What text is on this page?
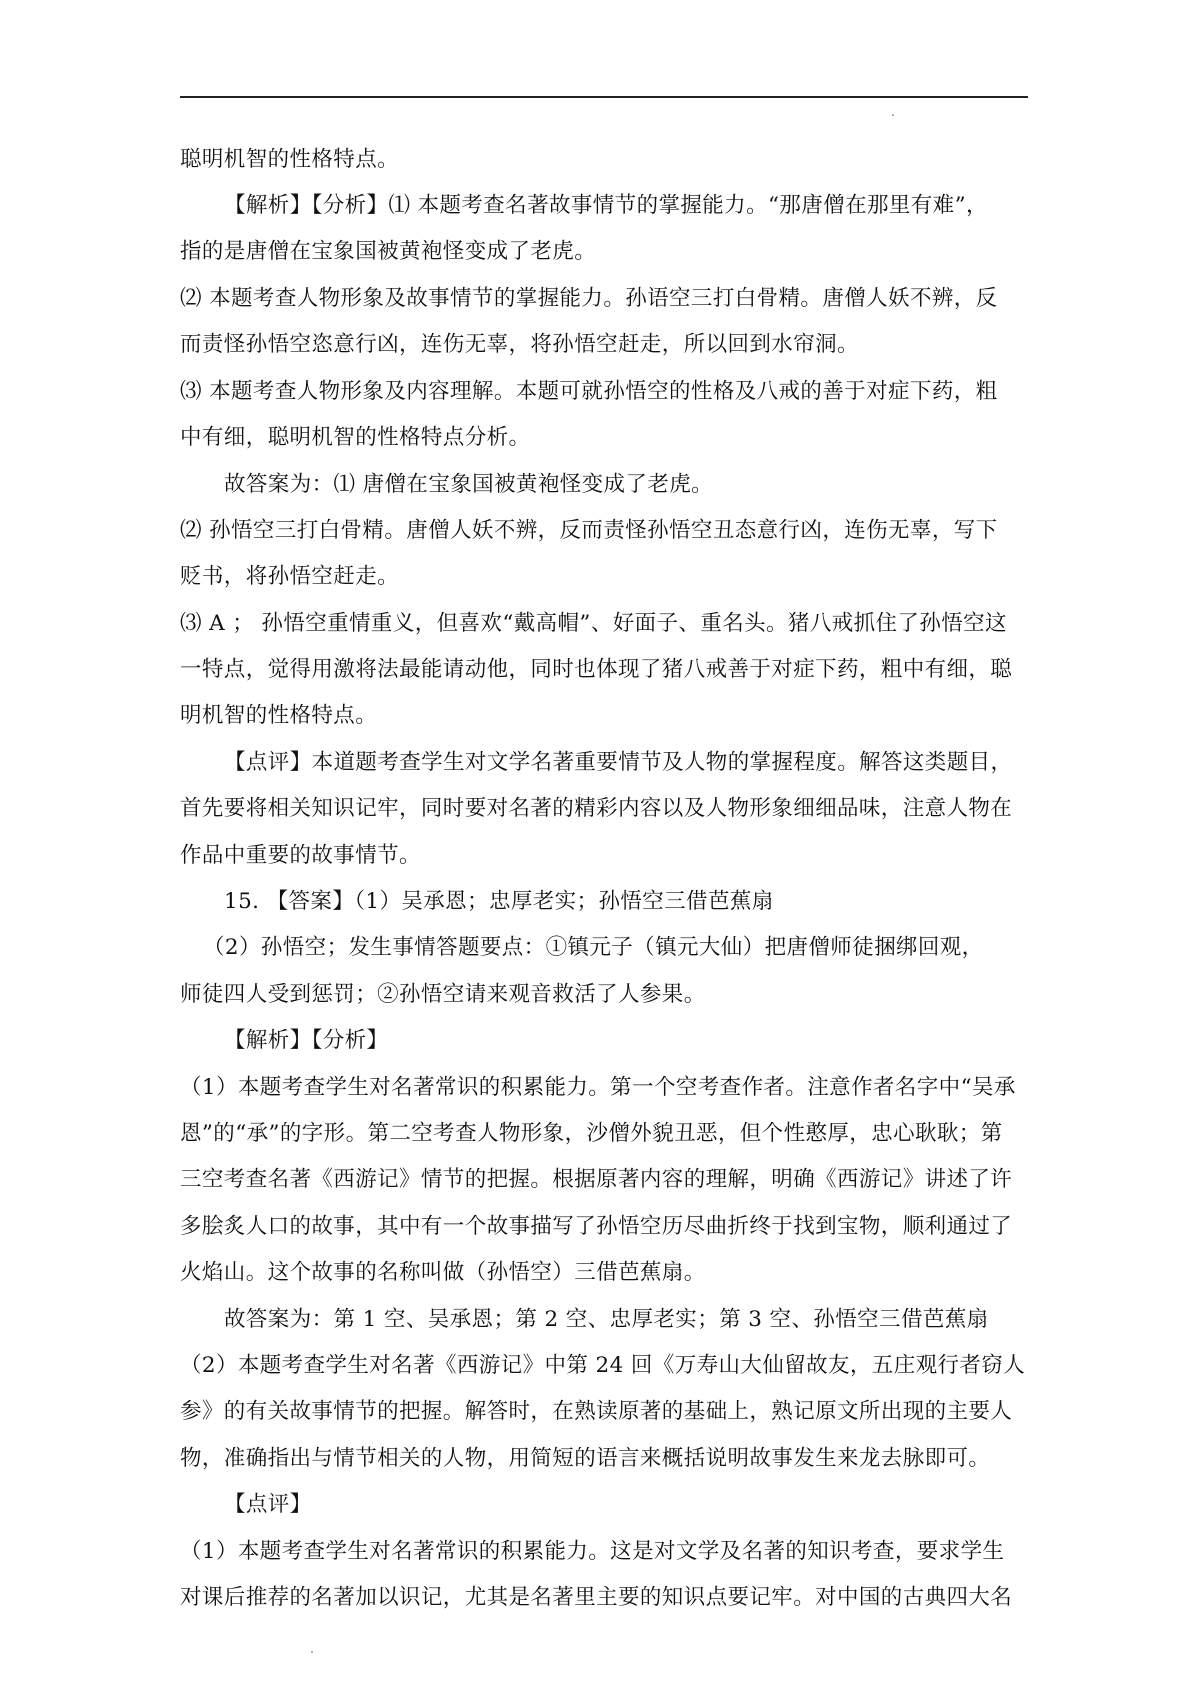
聪明机智的性格特点。
【解析】【分析】⑴ 本题考查名著故事情节的掌握能力。“那唐僧在那里有难”，
指的是唐僧在宝象国被黄袍怪变成了老虎。
⑵ 本题考查人物形象及故事情节的掌握能力。孙语空三打白骨精。唐僧人妖不辨，反
而责怪孙悟空恣意行凶，连伤无辜，将孙悟空赶走，所以回到水帘洞。
⑶ 本题考查人物形象及内容理解。本题可就孙悟空的性格及八戒的善于对症下药，粗
中有细，聪明机智的性格特点分析。
故答案为：⑴ 唐僧在宝象国被黄袍怪变成了老虎。
⑵ 孙悟空三打白骨精。唐僧人妖不辨，反而责怪孙悟空丑态意行凶，连伤无辜，写下
贬书，将孙悟空赶走。
⑶ A ； 孙悟空重情重义，但喜欢“戴高帽”、好面子、重名头。猪八戒抓住了孙悟空这
一特点，觉得用激将法最能请动他，同时也体现了猪八戒善于对症下药，粗中有细，聪
明机智的性格特点。
【点评】本道题考查学生对文学名著重要情节及人物的掌握程度。解答这类题目，
首先要将相关知识记牢，同时要对名著的精彩内容以及人物形象细细品味，注意人物在
作品中重要的故事情节。
15. 【答案】（1）吴承恩；忠厚老实；孙悟空三借芭蕉扇
（2）孙悟空；发生事情答题要点：①镇元子（镇元大仙）把唐僧师徒捆绑回观，
师徒四人受到惩罚；②孙悟空请来观音救活了人参果。
【解析】【分析】
（1）本题考查学生对名著常识的积累能力。第一个空考查作者。注意作者名字中“吴承
恩”的“承”的字形。第二空考查人物形象，沙僧外貌丑恶，但个性憨厚，忠心耿耿；第
三空考查名著《西游记》情节的把握。根据原著内容的理解，明确《西游记》讲述了许
多脍炙人口的故事，其中有一个故事描写了孙悟空历尽曲折终于找到宝物，顺利通过了
火焰山。这个故事的名称叫做（孙悟空）三借芭蕉扇。
故答案为：第 1 空、吴承恩；第 2 空、忠厚老实；第 3 空、孙悟空三借芭蕉扇
（2）本题考查学生对名著《西游记》中第 24 回《万寿山大仙留故友，五庄观行者窃人
参》的有关故事情节的把握。解答时，在熟读原著的基础上，熟记原文所出现的主要人
物，准确指出与情节相关的人物，用简短的语言来概括说明故事发生来龙去脉即可。
【点评】
（1）本题考查学生对名著常识的积累能力。这是对文学及名著的知识考查，要求学生
对课后推荐的名著加以识记，尤其是名著里主要的知识点要记牢。对中国的古典四大名
